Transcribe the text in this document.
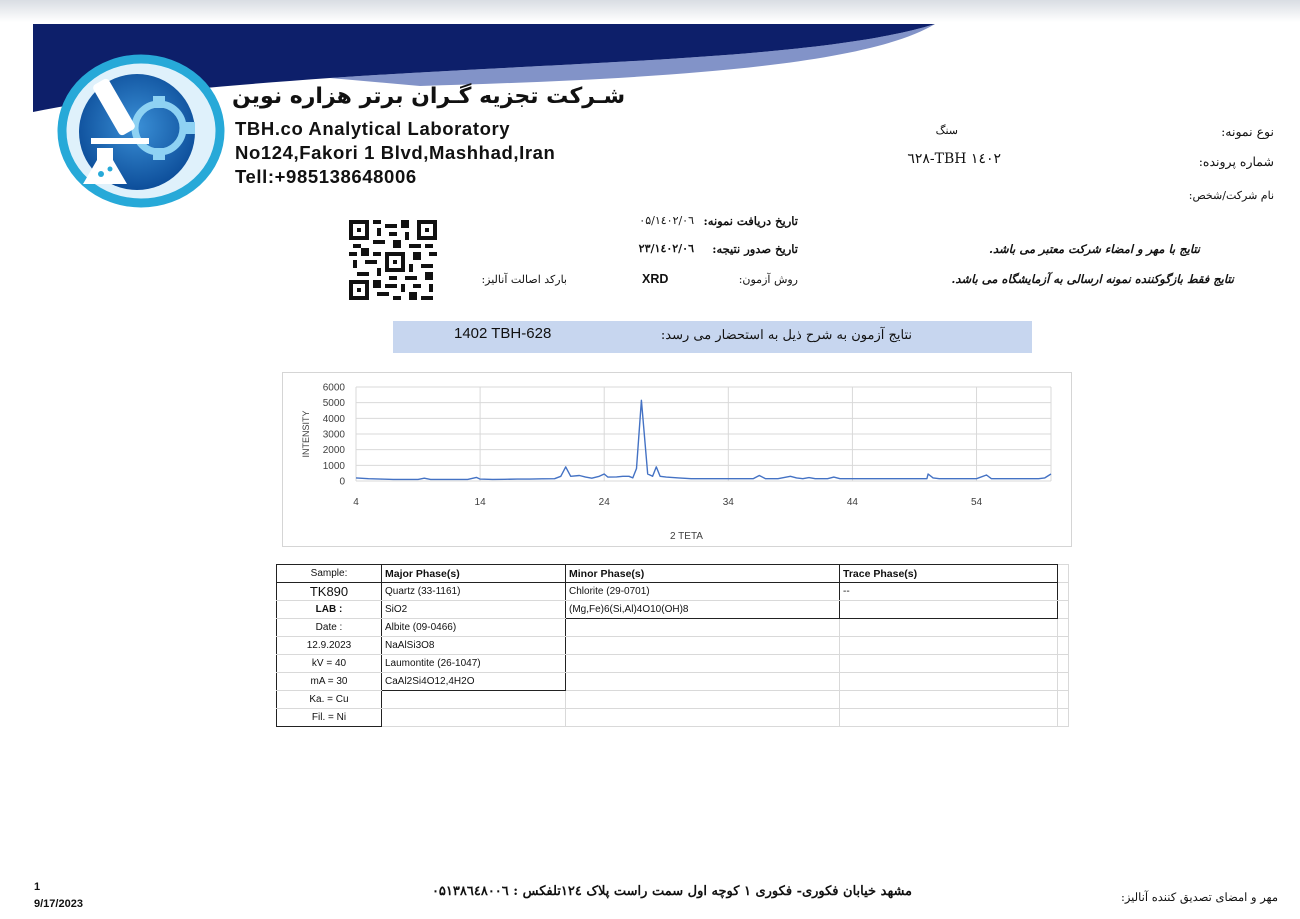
شـرکت تجزیه گـران برتر هزاره نوین
TBH.co Analytical Laboratory
No124,Fakori 1 Blvd,Mashhad,Iran
Tell:+985138648006
نوع نمونه:
سنگ
شماره پرونده:
۱٤۰۲ TBH-٦۲۸
نام شرکت/شخص:
تاریخ دریافت نمونه:
۱٤۰۲/۰٦/۰۵
تاریخ صدور نتیجه:
۱٤۰۲/۰٦/۲۳
روش آزمون:
XRD
بارکد اصالت آنالیز:
نتایج با مهر و امضاء شرکت معتبر می باشد.
نتایج فقط بازگوکننده نمونه ارسالی به آزمایشگاه می باشد.
نتایج آزمون به شرح ذیل به استحضار می رسد:
1402 TBH-628
0
1000
2000
3000
4000
5000
6000
4	14	24	34	44	54
2 TETA
INTENSITY
Sample:	Major Phase(s)	Minor Phase(s)	Trace Phase(s)	
TK890	Quartz (33-1161)	Chlorite (29-0701)	--	
LAB :	SiO2	(Mg,Fe)6(Si,Al)4O10(OH)8		
Date :	Albite (09-0466)			
12.9.2023	NaAlSi3O8			
kV = 40	Laumontite (26-1047)			
mA = 30	CaAl2Si4O12,4H2O			
Ka. = Cu				
Fil. = Ni				
1
9/17/2023
مشهد خیابان فکوری- فکوری ۱ کوچه اول سمت راست پلاک ۱۲٤تلفکس : ۰۵۱۳۸٦٤۸۰۰٦	مهر و امضای تصدیق کننده آنالیز:
